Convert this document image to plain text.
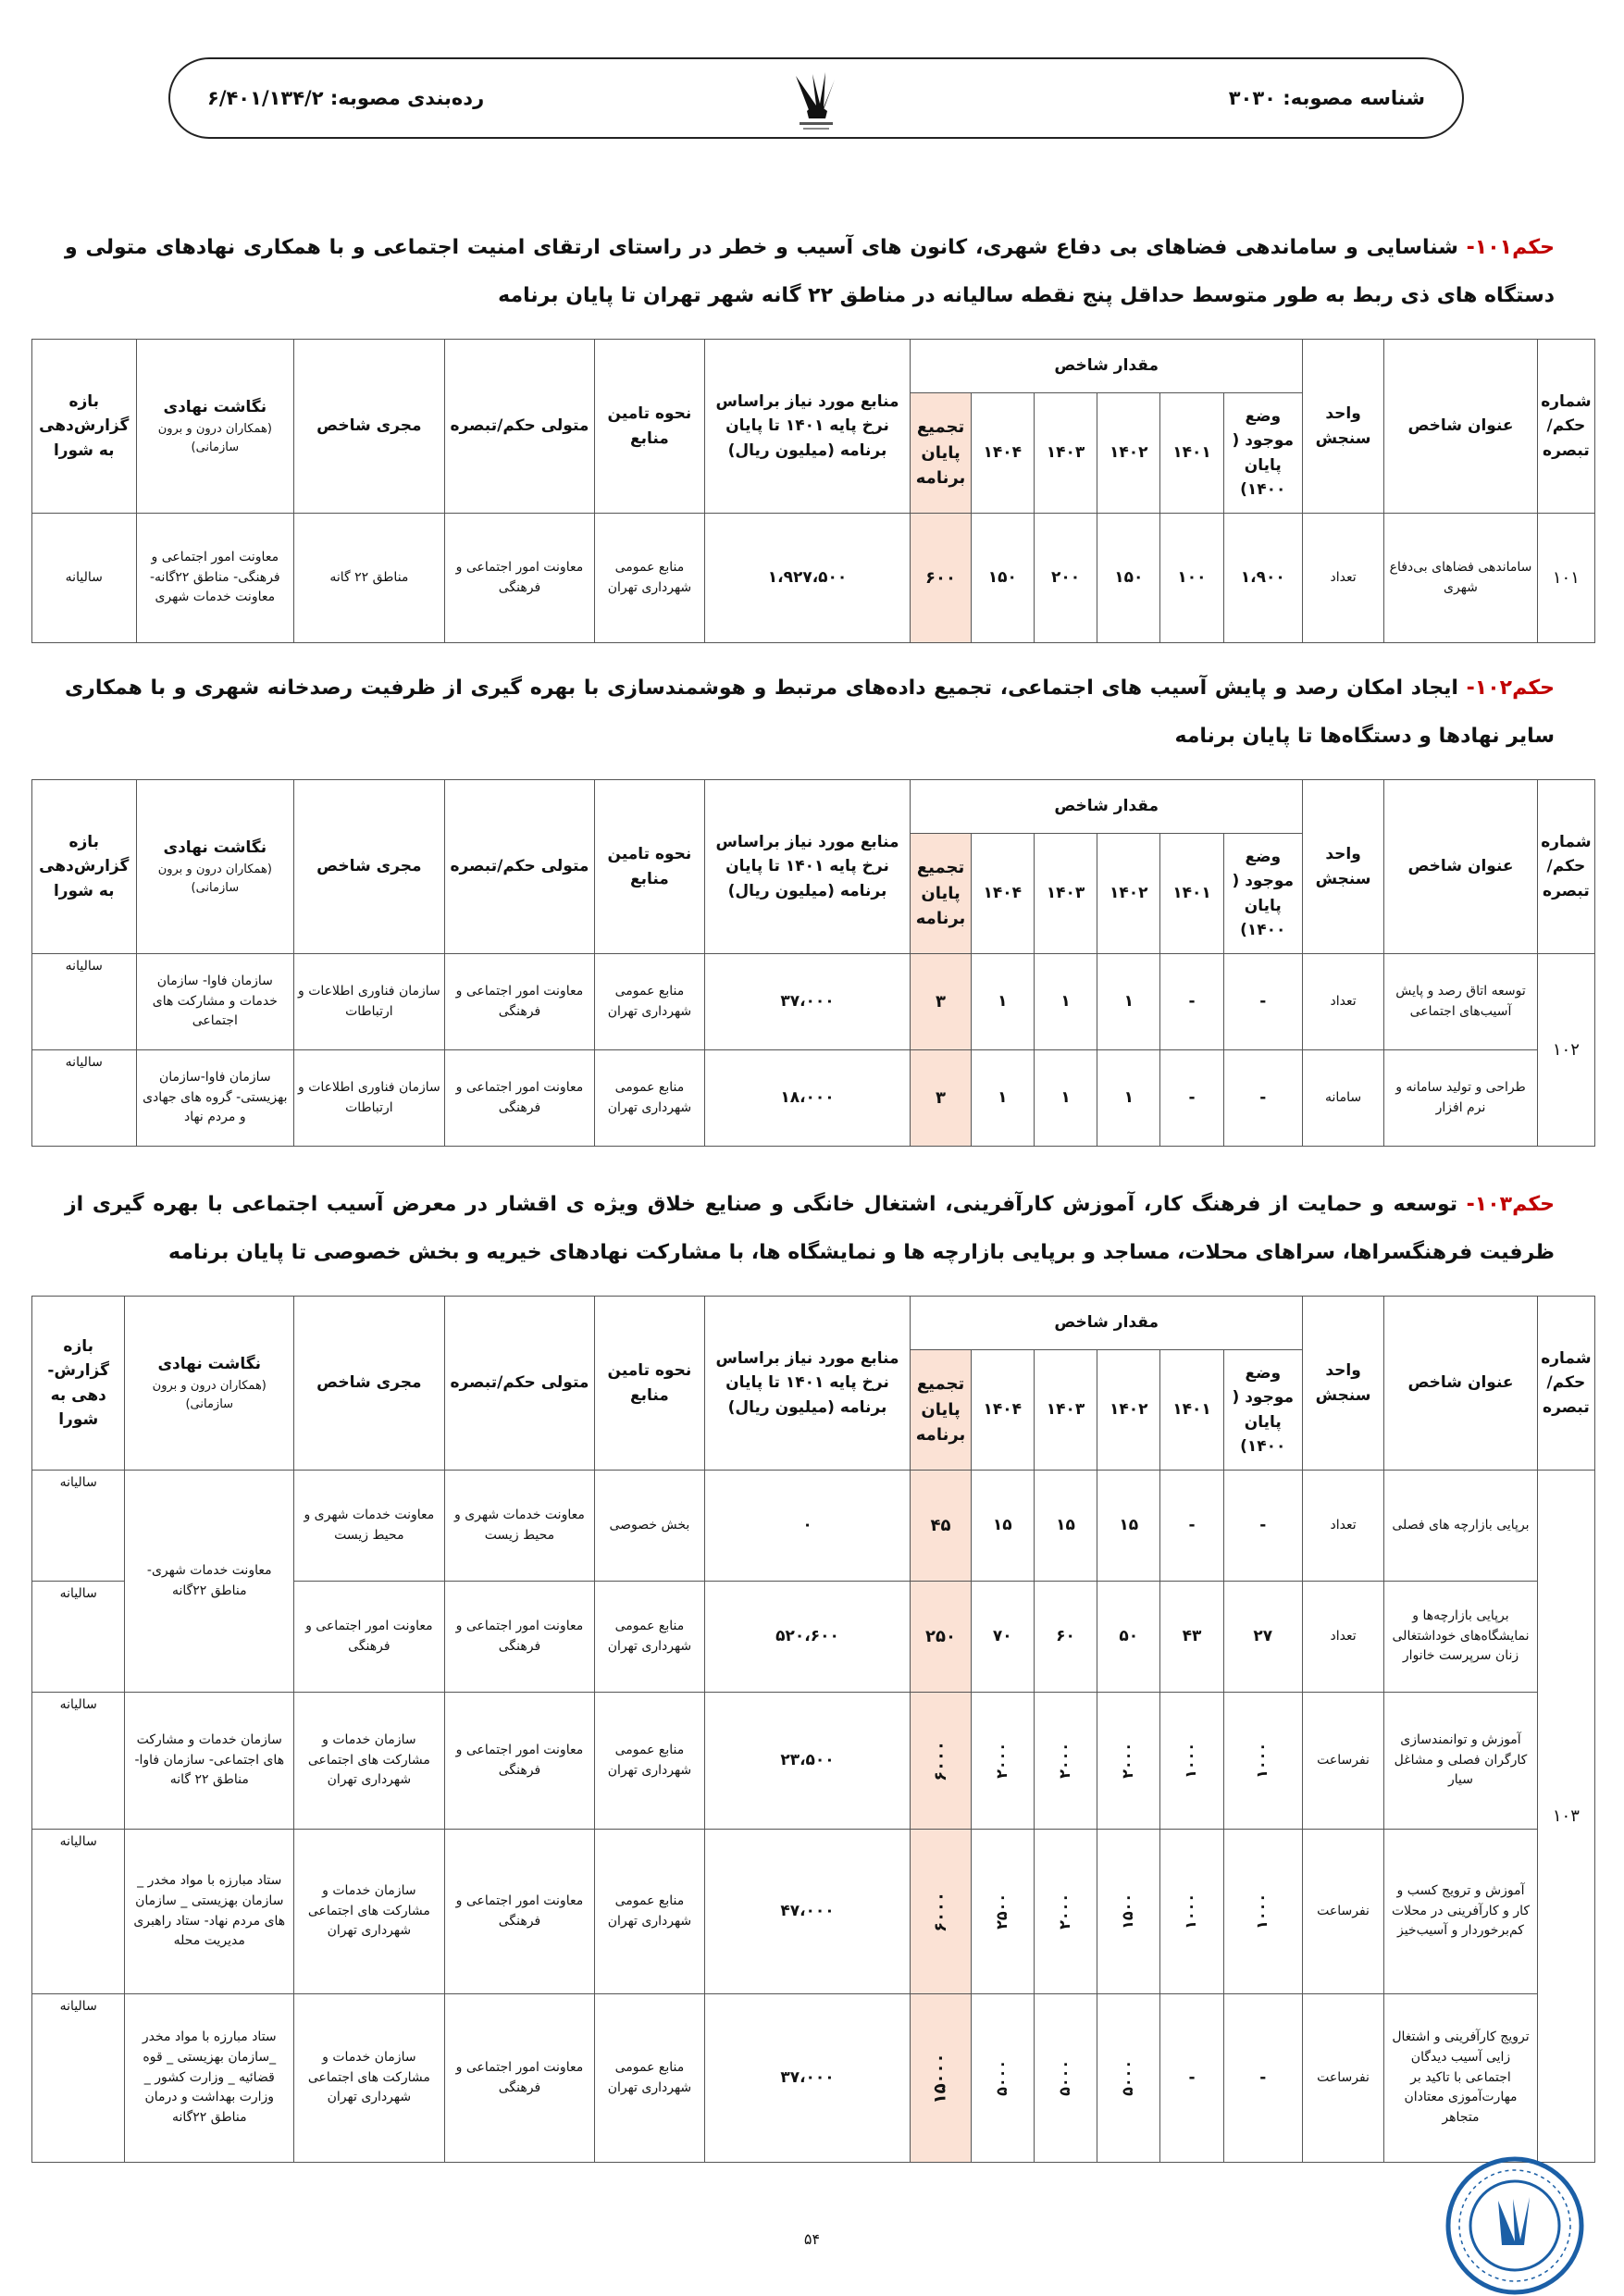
شناسه مصوبه: ۳۰۳۰
رده‌بندی مصوبه: ۶/۴۰۱/۱۳۴/۲
حکم۱۰۱- شناسایی و ساماندهی فضاهای بی دفاع شهری، کانون های آسیب و خطر در راستای ارتقای امنیت اجتماعی و با همکاری نهادهای متولی و دستگاه های ذی ربط به طور متوسط حداقل پنج نقطه سالیانه در مناطق ۲۲ گانه شهر تهران تا پایان برنامه
شماره حکم/ تبصره	عنوان شاخص	واحد سنجش	مقدار شاخص						منابع مورد نیاز براساس نرخ پایه ۱۴۰۱ تا پایان برنامه (میلیون ریال)	نحوه تامین منابع	متولی حکم/تبصره	مجری شاخص	نگاشت نهادی
(همکاران درون و برون سازمانی)	بازه گزارش‌دهی به شورا
			وضع موجود ( پایان ۱۴۰۰)	۱۴۰۱	۱۴۰۲	۱۴۰۳	۱۴۰۴	تجمیع پایان برنامه						
۱۰۱	ساماندهی فضاهای بی‌دفاع شهری	تعداد	۱،۹۰۰	۱۰۰	۱۵۰	۲۰۰	۱۵۰	۶۰۰	۱،۹۲۷،۵۰۰	منابع عمومی شهرداری تهران	معاونت امور اجتماعی و فرهنگی	مناطق ۲۲ گانه	معاونت امور اجتماعی و فرهنگی- مناطق ۲۲گانه-معاونت خدمات شهری	سالیانه
حکم۱۰۲- ایجاد امکان رصد و پایش آسیب های اجتماعی، تجمیع داده‌های مرتبط و هوشمندسازی با بهره گیری از ظرفیت رصدخانه شهری و با همکاری سایر نهادها و دستگاه‌ها تا پایان برنامه
شماره حکم/ تبصره	عنوان شاخص	واحد سنجش	مقدار شاخص						منابع مورد نیاز براساس نرخ پایه ۱۴۰۱ تا پایان برنامه (میلیون ریال)	نحوه تامین منابع	متولی حکم/تبصره	مجری شاخص	نگاشت نهادی
(همکاران درون و برون سازمانی)	بازه گزارش‌دهی به شورا
			وضع موجود ( پایان ۱۴۰۰)	۱۴۰۱	۱۴۰۲	۱۴۰۳	۱۴۰۴	تجمیع پایان برنامه						
۱۰۲	توسعه اتاق رصد و پایش آسیب‌های اجتماعی	تعداد	-	-	۱	۱	۱	۳	۳۷،۰۰۰	منابع عمومی شهرداری تهران	معاونت امور اجتماعی و فرهنگی	سازمان فناوری اطلاعات و ارتباطات	سازمان فاوا- سازمان خدمات و مشارکت های اجتماعی	سالیانه
	طراحی و تولید سامانه و نرم افزار	سامانه	-	-	۱	۱	۱	۳	۱۸،۰۰۰	منابع عمومی شهرداری تهران	معاونت امور اجتماعی و فرهنگی	سازمان فناوری اطلاعات و ارتباطات	سازمان فاوا-سازمان بهزیستی- گروه های جهادی و مردم نهاد	سالیانه
حکم۱۰۳- توسعه و حمایت از فرهنگ کار، آموزش کارآفرینی، اشتغال خانگی و صنایع خلاق ویژه ی اقشار در معرض آسیب اجتماعی با بهره گیری از ظرفیت فرهنگسراها، سراهای محلات، مساجد و برپایی بازارچه ها و نمایشگاه ها، با مشارکت نهادهای خیریه و بخش خصوصی تا پایان برنامه
شماره حکم/ تبصره	عنوان شاخص	واحد سنجش	مقدار شاخص						منابع مورد نیاز براساس نرخ پایه ۱۴۰۱ تا پایان برنامه (میلیون ریال)	نحوه تامین منابع	متولی حکم/تبصره	مجری شاخص	نگاشت نهادی
(همکاران درون و برون سازمانی)	بازه گزارش- دهی به شورا
			وضع موجود ( پایان ۱۴۰۰)	۱۴۰۱	۱۴۰۲	۱۴۰۳	۱۴۰۴	تجمیع پایان برنامه						
۱۰۳	برپایی بازارچه های فصلی	تعداد	-	-	۱۵	۱۵	۱۵	۴۵	۰	بخش خصوصی	معاونت خدمات شهری و محیط زیست	معاونت خدمات شهری و محیط زیست	معاونت خدمات شهری- مناطق ۲۲گانه	سالیانه
	برپایی بازارچه‌ها و نمایشگاه‌های خوداشتغالی زنان سرپرست خانوار	تعداد	۲۷	۴۳	۵۰	۶۰	۷۰	۲۵۰	۵۲۰،۶۰۰	منابع عمومی شهرداری تهران	معاونت امور اجتماعی و فرهنگی	معاونت امور اجتماعی و فرهنگی		سالیانه
	آموزش و توانمندسازی کارگران فصلی و مشاغل سیار	نفرساعت	۱۰۰۰	۱۰۰۰	۲۰۰۰	۲۰۰۰	۲۰۰۰	۶۰۰۰	۲۳،۵۰۰	منابع عمومی شهرداری تهران	معاونت امور اجتماعی و فرهنگی	سازمان خدمات و مشارکت های اجتماعی شهرداری تهران	سازمان خدمات و مشارکت های اجتماعی- سازمان فاوا-مناطق ۲۲ گانه	سالیانه
	آموزش و ترویج کسب و کار و کارآفرینی در محلات کم‌برخوردار و آسیب‌خیز	نفرساعت	۱۰۰۰	۱۰۰۰	۱۵۰۰	۲۰۰۰	۲۵۰۰	۶۰۰۰	۴۷،۰۰۰	منابع عمومی شهرداری تهران	معاونت امور اجتماعی و فرهنگی	سازمان خدمات و مشارکت های اجتماعی شهرداری تهران	ستاد مبارزه با مواد مخدر _ سازمان بهزیستی _ سازمان های مردم نهاد- ستاد راهبری مدیریت محله	سالیانه
	ترویج کارآفرینی و اشتغال زایی آسیب دیدگان اجتماعی با تاکید بر مهارت‌آموزی معتادان متجاهر	نفرساعت	-	-	۵۰۰۰	۵۰۰۰	۵۰۰۰	۱۵۰۰۰	۳۷،۰۰۰	منابع عمومی شهرداری تهران	معاونت امور اجتماعی و فرهنگی	سازمان خدمات و مشارکت های اجتماعی شهرداری تهران	ستاد مبارزه با مواد مخدر _سازمان بهزیستی _ قوه قضائیه _ وزارت کشور _ وزارت بهداشت و درمان مناطق ۲۲گانه	سالیانه
۵۴
